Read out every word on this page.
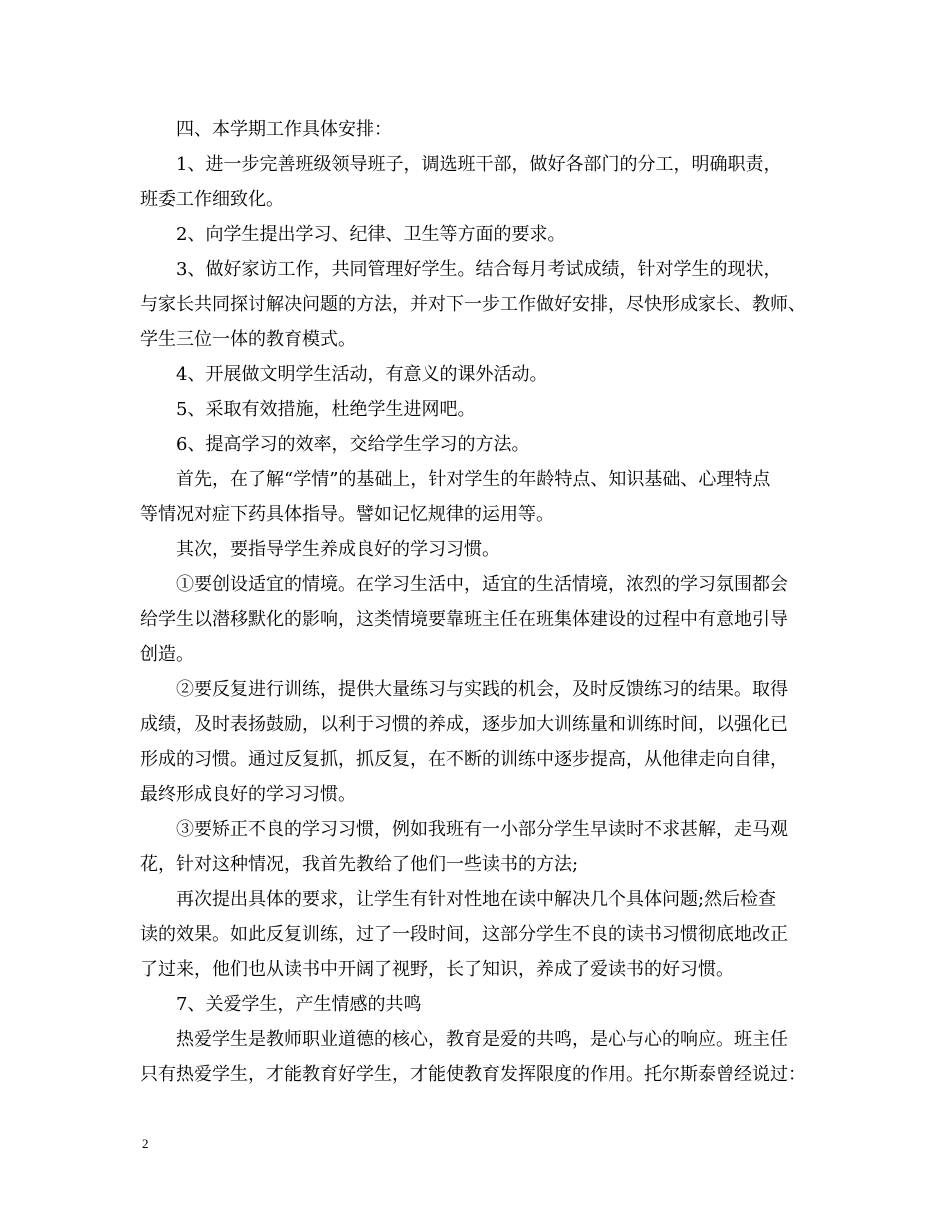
四、本学期工作具体安排：
1、进一步完善班级领导班子，调选班干部，做好各部门的分工，明确职责，
班委工作细致化。
2、向学生提出学习、纪律、卫生等方面的要求。
3、做好家访工作，共同管理好学生。结合每月考试成绩，针对学生的现状，
与家长共同探讨解决问题的方法，并对下一步工作做好安排，尽快形成家长、教师、
学生三位一体的教育模式。
4、开展做文明学生活动，有意义的课外活动。
5、采取有效措施，杜绝学生进网吧。
6、提高学习的效率，交给学生学习的方法。
首先，在了解“学情”的基础上，针对学生的年龄特点、知识基础、心理特点
等情况对症下药具体指导。譬如记忆规律的运用等。
其次，要指导学生养成良好的学习习惯。
①要创设适宜的情境。在学习生活中，适宜的生活情境，浓烈的学习氛围都会
给学生以潜移默化的影响，这类情境要靠班主任在班集体建设的过程中有意地引导
创造。
②要反复进行训练，提供大量练习与实践的机会，及时反馈练习的结果。取得
成绩，及时表扬鼓励，以利于习惯的养成，逐步加大训练量和训练时间，以强化已
形成的习惯。通过反复抓，抓反复，在不断的训练中逐步提高，从他律走向自律，
最终形成良好的学习习惯。
③要矫正不良的学习习惯，例如我班有一小部分学生早读时不求甚解，走马观
花，针对这种情况，我首先教给了他们一些读书的方法;
再次提出具体的要求，让学生有针对性地在读中解决几个具体问题;然后检查
读的效果。如此反复训练，过了一段时间，这部分学生不良的读书习惯彻底地改正
了过来，他们也从读书中开阔了视野，长了知识，养成了爱读书的好习惯。
7、关爱学生，产生情感的共鸣
热爱学生是教师职业道德的核心，教育是爱的共鸣，是心与心的响应。班主任
只有热爱学生，才能教育好学生，才能使教育发挥限度的作用。托尔斯泰曾经说过：
2
